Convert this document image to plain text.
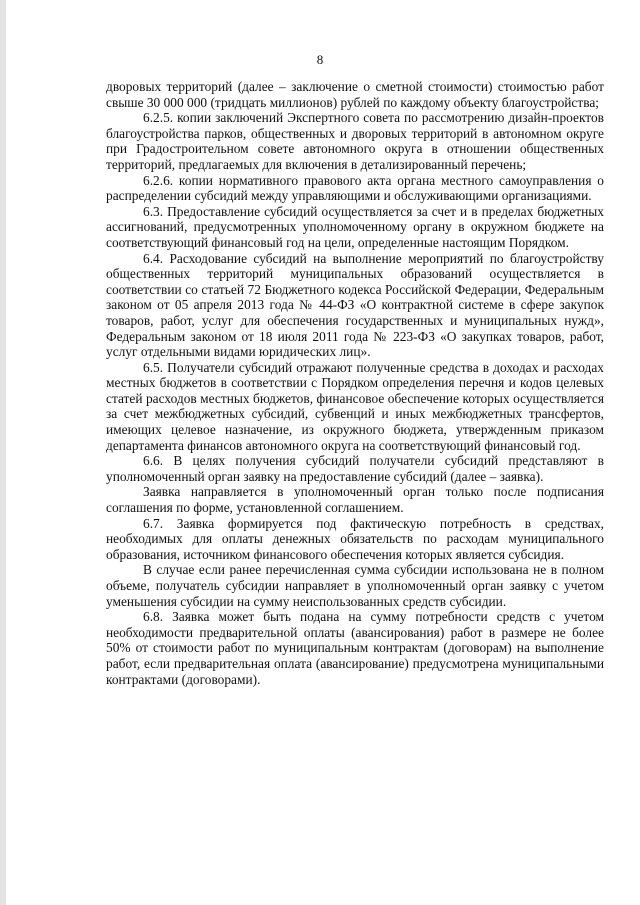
8

дворовых территорий (далее – заключение о сметной стоимости) стоимостью работ свыше 30 000 000 (тридцать миллионов) рублей по каждому объекту благоустройства;

6.2.5. копии заключений Экспертного совета по рассмотрению дизайн-проектов благоустройства парков, общественных и дворовых территорий в автономном округе при Градостроительном совете автономного округа в отношении общественных территорий, предлагаемых для включения в детализированный перечень;

6.2.6. копии нормативного правового акта органа местного самоуправления о распределении субсидий между управляющими и обслуживающими организациями.

6.3. Предоставление субсидий осуществляется за счет и в пределах бюджетных ассигнований, предусмотренных уполномоченному органу в окружном бюджете на соответствующий финансовый год на цели, определенные настоящим Порядком.

6.4. Расходование субсидий на выполнение мероприятий по благоустройству общественных территорий муниципальных образований осуществляется в соответствии со статьей 72 Бюджетного кодекса Российской Федерации, Федеральным законом от 05 апреля 2013 года № 44-ФЗ «О контрактной системе в сфере закупок товаров, работ, услуг для обеспечения государственных и муниципальных нужд», Федеральным законом от 18 июля 2011 года № 223-ФЗ «О закупках товаров, работ, услуг отдельными видами юридических лиц».

6.5. Получатели субсидий отражают полученные средства в доходах и расходах местных бюджетов в соответствии с Порядком определения перечня и кодов целевых статей расходов местных бюджетов, финансовое обеспечение которых осуществляется за счет межбюджетных субсидий, субвенций и иных межбюджетных трансфертов, имеющих целевое назначение, из окружного бюджета, утвержденным приказом департамента финансов автономного округа на соответствующий финансовый год.

6.6. В целях получения субсидий получатели субсидий представляют в уполномоченный орган заявку на предоставление субсидий (далее – заявка).

Заявка направляется в уполномоченный орган только после подписания соглашения по форме, установленной соглашением.

6.7. Заявка формируется под фактическую потребность в средствах, необходимых для оплаты денежных обязательств по расходам муниципального образования, источником финансового обеспечения которых является субсидия.

В случае если ранее перечисленная сумма субсидии использована не в полном объеме, получатель субсидии направляет в уполномоченный орган заявку с учетом уменьшения субсидии на сумму неиспользованных средств субсидии.

6.8. Заявка может быть подана на сумму потребности средств с учетом необходимости предварительной оплаты (авансирования) работ в размере не более 50% от стоимости работ по муниципальным контрактам (договорам) на выполнение работ, если предварительная оплата (авансирование) предусмотрена муниципальными контрактами (договорами).
